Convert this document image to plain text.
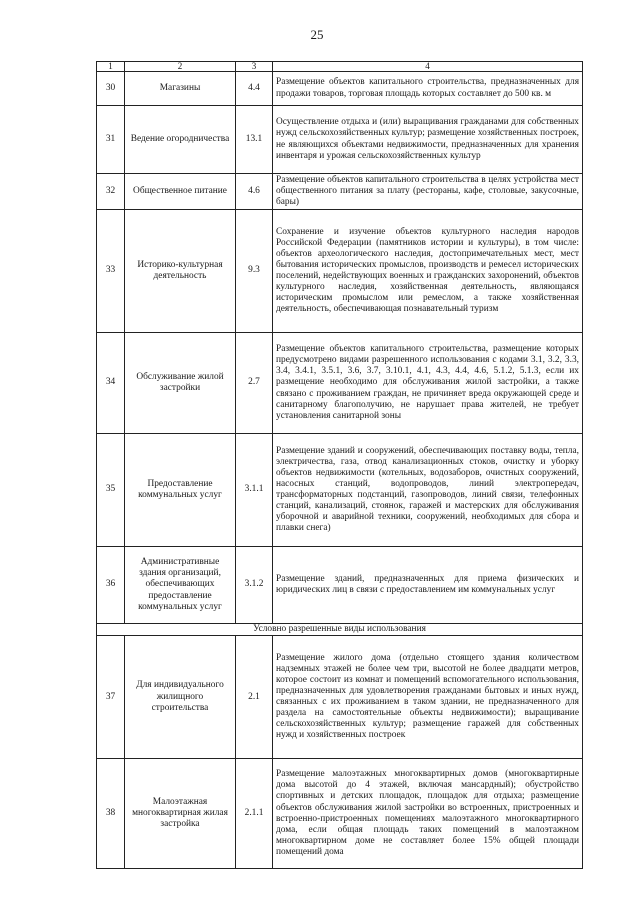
25
1	2	3	4
30	Магазины	4.4	Размещение объектов капитального строительства, предназначенных для продажи товаров, торговая площадь которых составляет до 500 кв. м
31	Ведение огородничества	13.1	Осуществление отдыха и (или) выращивания гражданами для собственных нужд сельскохозяйственных культур; размещение хозяйственных построек, не являющихся объектами недвижимости, предназначенных для хранения инвентаря и урожая сельскохозяйственных культур
32	Общественное питание	4.6	Размещение объектов капитального строительства в целях устройства мест общественного питания за плату (рестораны, кафе, столовые, закусочные, бары)
33	Историко-культурная деятельность	9.3	Сохранение и изучение объектов культурного наследия народов Российской Федерации (памятников истории и культуры), в том числе: объектов археологического наследия, достопримечательных мест, мест бытования исторических промыслов, производств и ремесел исторических поселений, недействующих военных и гражданских захоронений, объектов культурного наследия, хозяйственная деятельность, являющаяся историческим промыслом или ремеслом, а также хозяйственная деятельность, обеспечивающая познавательный туризм
34	Обслуживание жилой застройки	2.7	Размещение объектов капитального строительства, размещение которых предусмотрено видами разрешенного использования с кодами 3.1, 3.2, 3.3, 3.4, 3.4.1, 3.5.1, 3.6, 3.7, 3.10.1, 4.1, 4.3, 4.4, 4.6, 5.1.2, 5.1.3, если их размещение необходимо для обслуживания жилой застройки, а также связано с проживанием граждан, не причиняет вреда окружающей среде и санитарному благополучию, не нарушает права жителей, не требует установления санитарной зоны
35	Предоставление коммунальных услуг	3.1.1	Размещение зданий и сооружений, обеспечивающих поставку воды, тепла, электричества, газа, отвод канализационных стоков, очистку и уборку объектов недвижимости (котельных, водозаборов, очистных сооружений, насосных станций, водопроводов, линий электропередач, трансформаторных подстанций, газопроводов, линий связи, телефонных станций, канализаций, стоянок, гаражей и мастерских для обслуживания уборочной и аварийной техники, сооружений, необходимых для сбора и плавки снега)
36	Административные здания организаций, обеспечивающих предоставление коммунальных услуг	3.1.2	Размещение зданий, предназначенных для приема физических и юридических лиц в связи с предоставлением им коммунальных услуг
Условно разрешенные виды использования			
37	Для индивидуального жилищного строительства	2.1	Размещение жилого дома (отдельно стоящего здания количеством надземных этажей не более чем три, высотой не более двадцати метров, которое состоит из комнат и помещений вспомогательного использования, предназначенных для удовлетворения гражданами бытовых и иных нужд, связанных с их проживанием в таком здании, не предназначенного для раздела на самостоятельные объекты недвижимости); выращивание сельскохозяйственных культур; размещение гаражей для собственных нужд и хозяйственных построек
38	Малоэтажная многоквартирная жилая застройка	2.1.1	Размещение малоэтажных многоквартирных домов (многоквартирные дома высотой до 4 этажей, включая мансардный); обустройство спортивных и детских площадок, площадок для отдыха; размещение объектов обслуживания жилой застройки во встроенных, пристроенных и встроенно-пристроенных помещениях малоэтажного многоквартирного дома, если общая площадь таких помещений в малоэтажном многоквартирном доме не составляет более 15% общей площади помещений дома
